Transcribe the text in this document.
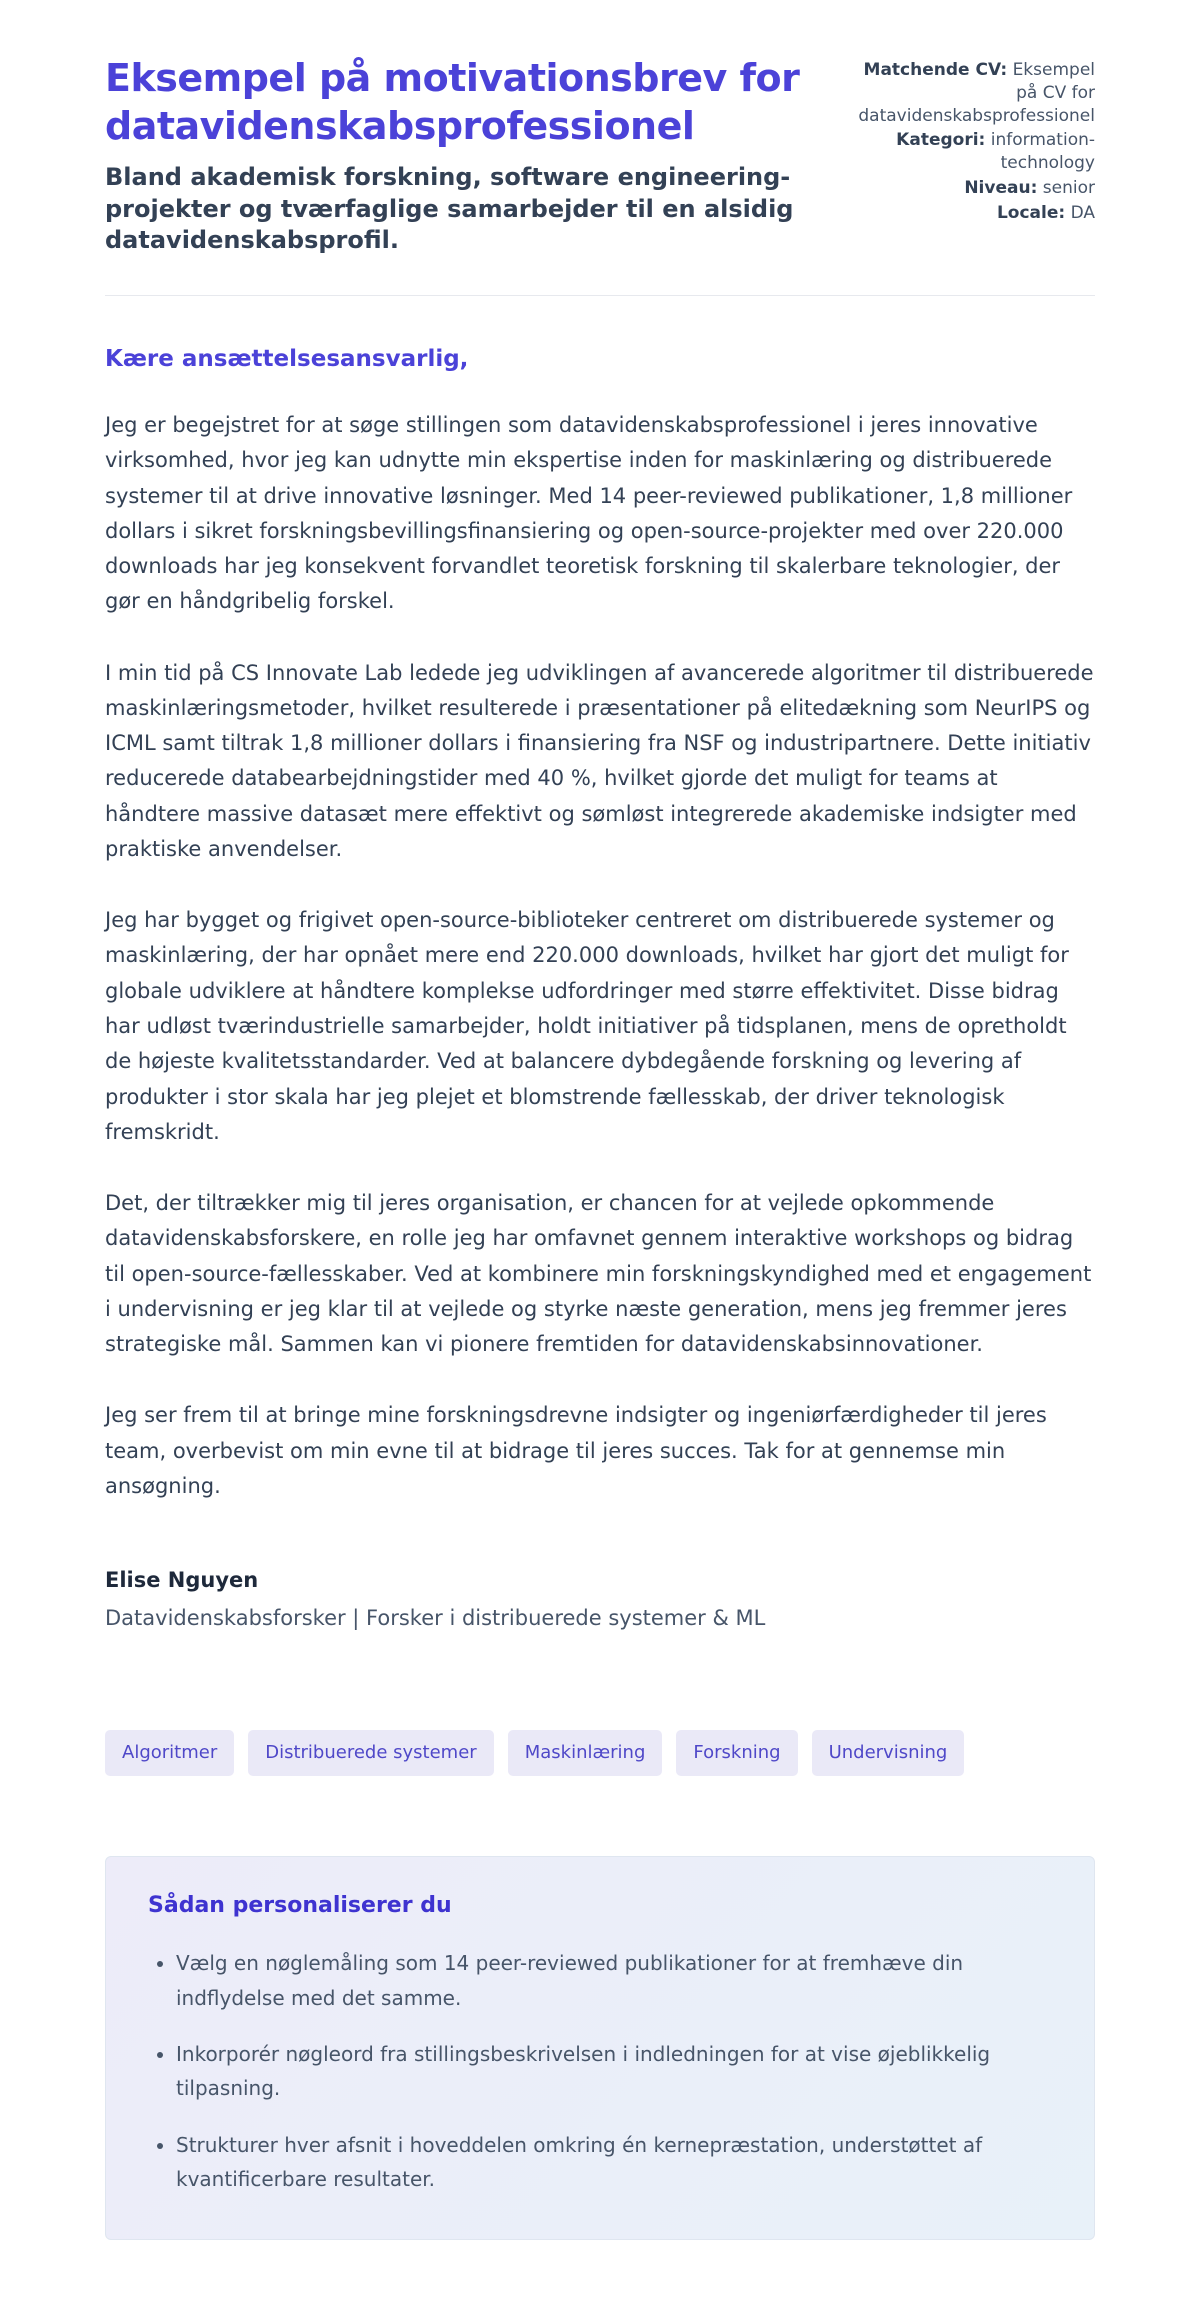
Eksempel på motivationsbrev for datavidenskabsprofessionel

Bland akademisk forskning, software engineering-projekter og tværfaglige samarbejder til en alsidig datavidenskabsprofil.

Matchende CV: Eksempel på CV for datavidenskabsprofessionel
Kategori: information-technology
Niveau: senior
Locale: DA

Kære ansættelsesansvarlig,

Jeg er begejstret for at søge stillingen som datavidenskabsprofessionel i jeres innovative virksomhed, hvor jeg kan udnytte min ekspertise inden for maskinlæring og distribuerede systemer til at drive innovative løsninger. Med 14 peer-reviewed publikationer, 1,8 millioner dollars i sikret forskningsbevillingsfinansiering og open-source-projekter med over 220.000 downloads har jeg konsekvent forvandlet teoretisk forskning til skalerbare teknologier, der gør en håndgribelig forskel.

I min tid på CS Innovate Lab ledede jeg udviklingen af avancerede algoritmer til distribuerede maskinlæringsmetoder, hvilket resulterede i præsentationer på elitedækning som NeurIPS og ICML samt tiltrak 1,8 millioner dollars i finansiering fra NSF og industripartnere. Dette initiativ reducerede databearbejdningstider med 40 %, hvilket gjorde det muligt for teams at håndtere massive datasæt mere effektivt og sømløst integrerede akademiske indsigter med praktiske anvendelser.

Jeg har bygget og frigivet open-source-biblioteker centreret om distribuerede systemer og maskinlæring, der har opnået mere end 220.000 downloads, hvilket har gjort det muligt for globale udviklere at håndtere komplekse udfordringer med større effektivitet. Disse bidrag har udløst tværindustrielle samarbejder, holdt initiativer på tidsplanen, mens de opretholdt de højeste kvalitetsstandarder. Ved at balancere dybdegående forskning og levering af produkter i stor skala har jeg plejet et blomstrende fællesskab, der driver teknologisk fremskridt.

Det, der tiltrækker mig til jeres organisation, er chancen for at vejlede opkommende datavidenskabsforskere, en rolle jeg har omfavnet gennem interaktive workshops og bidrag til open-source-fællesskaber. Ved at kombinere min forskningskyndighed med et engagement i undervisning er jeg klar til at vejlede og styrke næste generation, mens jeg fremmer jeres strategiske mål. Sammen kan vi pionere fremtiden for datavidenskabsinnovationer.

Jeg ser frem til at bringe mine forskningsdrevne indsigter og ingeniørfærdigheder til jeres team, overbevist om min evne til at bidrage til jeres succes. Tak for at gennemse min ansøgning.

Elise Nguyen

Datavidenskabsforsker | Forsker i distribuerede systemer & ML

Algoritmer	Distribuerede systemer	Maskinlæring	Forskning	Undervisning
Sådan personaliserer du
• Vælg en nøglemåling som 14 peer-reviewed publikationer for at fremhæve din indflydelse med det samme.
• Inkorporér nøgleord fra stillingsbeskrivelsen i indledningen for at vise øjeblikkelig tilpasning.
• Strukturer hver afsnit i hoveddelen omkring én kernepræstation, understøttet af kvantificerbare resultater.
